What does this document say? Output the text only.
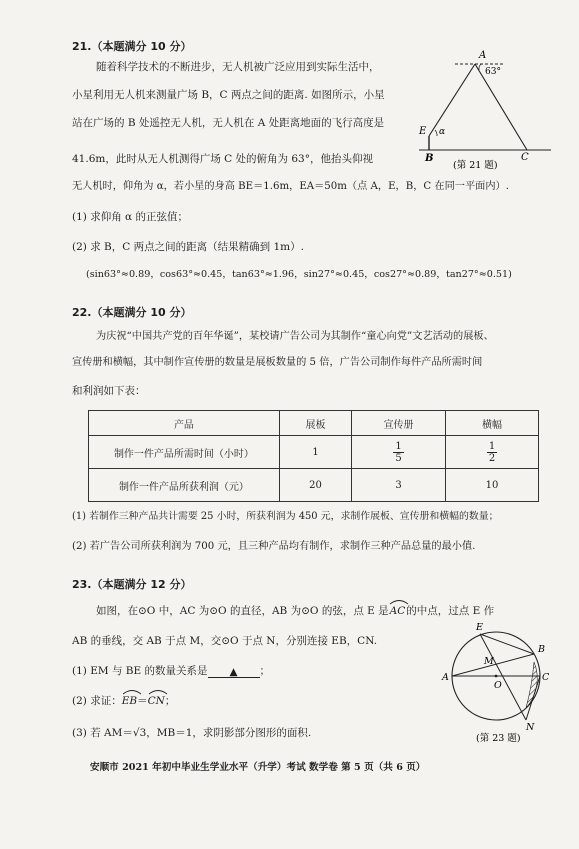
21.（本题满分 10 分）
随着科学技术的不断进步，无人机被广泛应用到实际生活中，
小星利用无人机来测量广场 B，C 两点之间的距离. 如图所示，小星
站在广场的 B 处遥控无人机，无人机在 A 处距离地面的飞行高度是
41.6m，此时从无人机测得广场 C 处的俯角为 63°，他抬头仰视
无人机时，仰角为 α，若小星的身高 BE＝1.6m，EA＝50m（点 A，E，B，C 在同一平面内）.
(1) 求仰角 α 的正弦值；
(2) 求 B，C 两点之间的距离（结果精确到 1m）.
(sin63°≈0.89，cos63°≈0.45，tan63°≈1.96，sin27°≈0.45，cos27°≈0.89，tan27°≈0.51)
A
63°
E α
B	C
(第 21 题)
22.（本题满分 10 分）
为庆祝“中国共产党的百年华诞”，某校请广告公司为其制作“童心向党”文艺活动的展板、
宣传册和横幅，其中制作宣传册的数量是展板数量的 5 倍，广告公司制作每件产品所需时间
和利润如下表：
产品	展板	宣传册	横幅
制作一件产品所需时间（小时）	1	$\frac{1}{5}$	$\frac{1}{2}$

制作一件产品所获利润（元）	20	3	10
(1) 若制作三种产品共计需要 25 小时，所获利润为 450 元，求制作展板、宣传册和横幅的数量；
(2) 若广告公司所获利润为 700 元，且三种产品均有制作，求制作三种产品总量的最小值.
23.（本题满分 12 分）
如图，在⊙O 中，AC 为⊙O 的直径，AB 为⊙O 的弦，点 E 是
AC的中点，过点 E 作
AB 的垂线，交 AB 于点 M，交⊙O 于点 N，分别连接 EB，CN.
(1) EM 与 BE 的数量关系是 ▲ ；
(2) 求证：
EB＝
CN；
(3) 若 AM＝√3，MB＝1，求阴影部分图形的面积.
E
B
M
A
O
C
N
(第 23 题)
安顺市 2021 年初中毕业生学业水平（升学）考试 数学卷 第 5 页（共 6 页）
